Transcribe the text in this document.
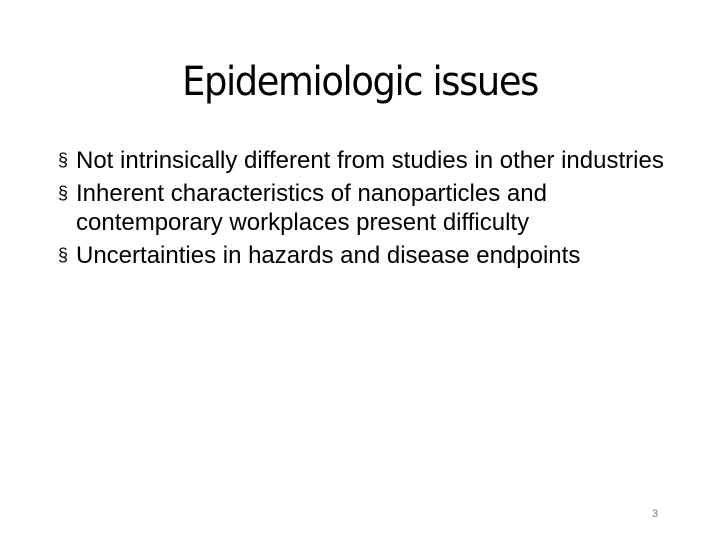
Epidemiologic issues
§ Not intrinsically different from studies in other industries
§ Inherent characteristics of nanoparticles and contemporary workplaces present difficulty
§ Uncertainties in hazards and disease endpoints
3
